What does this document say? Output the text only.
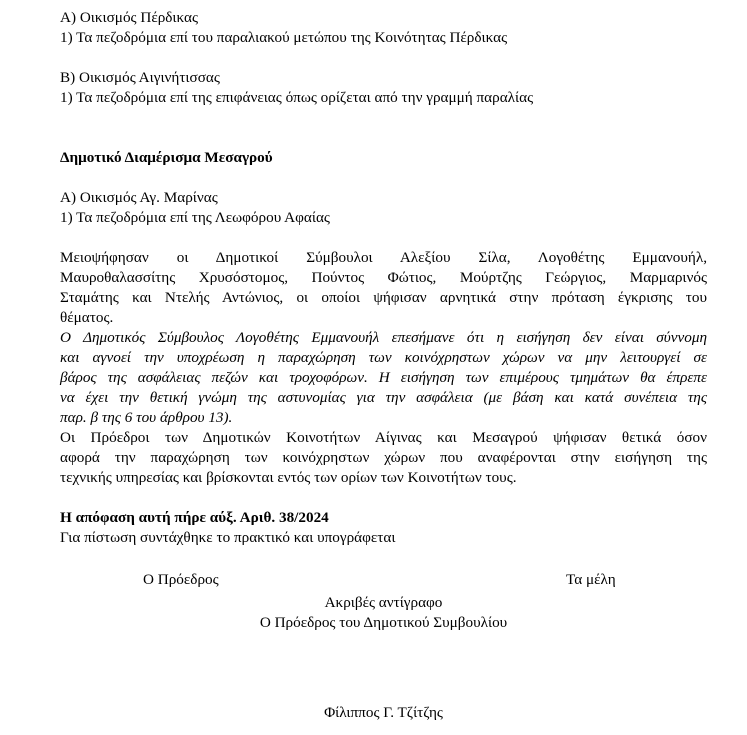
Α) Οικισμός Πέρδικας
1) Τα πεζοδρόμια επί του παραλιακού μετώπου της Κοινότητας Πέρδικας
Β) Οικισμός Αιγινήτισσας
1) Τα πεζοδρόμια επί της επιφάνειας όπως ορίζεται από την γραμμή παραλίας
Δημοτικό Διαμέρισμα Μεσαγρού
Α) Οικισμός Αγ. Μαρίνας
1) Τα πεζοδρόμια επί της Λεωφόρου Αφαίας
Μειοψήφησαν οι Δημοτικοί Σύμβουλοι Αλεξίου Σίλα, Λογοθέτης Εμμανουήλ,
Μαυροθαλασσίτης Χρυσόστομος, Πούντος Φώτιος, Μούρτζης Γεώργιος, Μαρμαρινός
Σταμάτης και Ντελής Αντώνιος, οι οποίοι ψήφισαν αρνητικά στην πρόταση έγκρισης του
θέματος.
Ο Δημοτικός Σύμβουλος Λογοθέτης Εμμανουήλ επεσήμανε ότι η εισήγηση δεν είναι σύννομη
και αγνοεί την υποχρέωση η παραχώρηση των κοινόχρηστων χώρων να μην λειτουργεί σε
βάρος της ασφάλειας πεζών και τροχοφόρων. Η εισήγηση των επιμέρους τμημάτων θα έπρεπε
να έχει την θετική γνώμη της αστυνομίας για την ασφάλεια (με βάση και κατά συνέπεια της
παρ. β της 6 του άρθρου 13).
Οι Πρόεδροι των Δημοτικών Κοινοτήτων Αίγινας και Μεσαγρού ψήφισαν θετικά όσον
αφορά την παραχώρηση των κοινόχρηστων χώρων που αναφέρονται στην εισήγηση της
τεχνικής υπηρεσίας και βρίσκονται εντός των ορίων των Κοινοτήτων τους.
Η απόφαση αυτή πήρε αύξ. Αριθ. 38/2024
Για πίστωση συντάχθηκε το πρακτικό και υπογράφεται
Ο Πρόεδρος	Τα μέλη
Ακριβές αντίγραφο
Ο Πρόεδρος του Δημοτικού Συμβουλίου
Φίλιππος Γ. Τζίτζης
